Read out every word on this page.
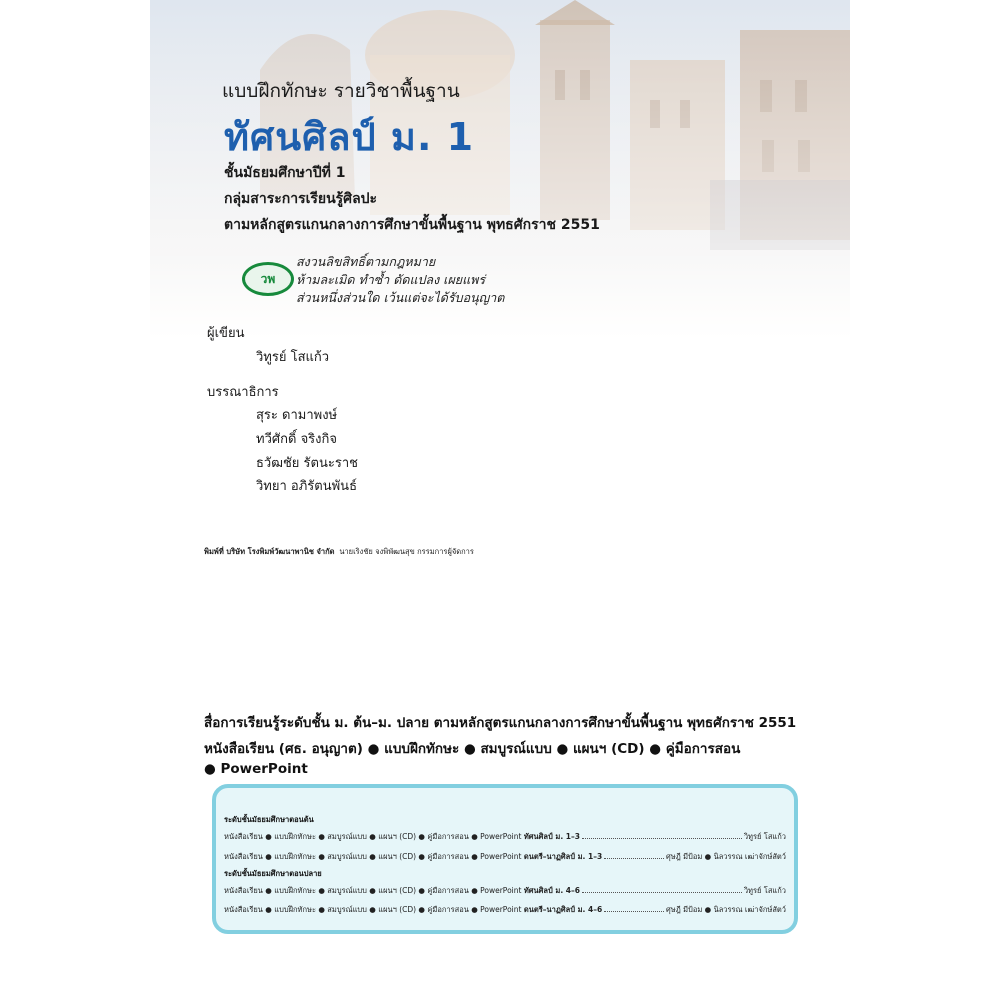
แบบฝึกทักษะ รายวิชาพื้นฐาน
ทัศนศิลป์ ม. 1
ชั้นมัธยมศึกษาปีที่ 1
กลุ่มสาระการเรียนรู้ศิลปะ
ตามหลักสูตรแกนกลางการศึกษาขั้นพื้นฐาน พุทธศักราช 2551
วพ
สงวนลิขสิทธิ์ตามกฎหมาย
ห้ามละเมิด ทำซ้ำ ดัดแปลง เผยแพร่
ส่วนหนึ่งส่วนใด เว้นแต่จะได้รับอนุญาต
ผู้เขียน
วิทูรย์ โสแก้ว
บรรณาธิการ
สุระ ดามาพงษ์
ทวีศักดิ์ จริงกิจ
ธวัฒชัย รัตนะราช
วิทยา อภิรัตนพันธ์
พิมพ์ที่ บริษัท โรงพิมพ์วัฒนาพานิช จำกัด นายเริงชัย จงพิพัฒนสุข กรรมการผู้จัดการ
สื่อการเรียนรู้ระดับชั้น ม. ต้น–ม. ปลาย ตามหลักสูตรแกนกลางการศึกษาขั้นพื้นฐาน พุทธศักราช 2551
หนังสือเรียน (ศธ. อนุญาต) ● แบบฝึกทักษะ ● สมบูรณ์แบบ ● แผนฯ (CD) ● คู่มือการสอน
● PowerPoint
ระดับชั้นมัธยมศึกษาตอนต้น
หนังสือเรียน ● แบบฝึกทักษะ ● สมบูรณ์แบบ ● แผนฯ (CD) ● คู่มือการสอน ● PowerPoint
ทัศนศิลป์ ม. 1–3	วิทูรย์ โสแก้ว
หนังสือเรียน ● แบบฝึกทักษะ ● สมบูรณ์แบบ ● แผนฯ (CD) ● คู่มือการสอน ● PowerPoint
ดนตรี–นาฏศิลป์ ม. 1–3	ศุษฎี มีป้อม ● นิลวรรณ เฒ่าจักษ์สัตว์
ระดับชั้นมัธยมศึกษาตอนปลาย
หนังสือเรียน ● แบบฝึกทักษะ ● สมบูรณ์แบบ ● แผนฯ (CD) ● คู่มือการสอน ● PowerPoint
ทัศนศิลป์ ม. 4–6	วิทูรย์ โสแก้ว
หนังสือเรียน ● แบบฝึกทักษะ ● สมบูรณ์แบบ ● แผนฯ (CD) ● คู่มือการสอน ● PowerPoint
ดนตรี–นาฏศิลป์ ม. 4–6	ศุษฎี มีป้อม ● นิลวรรณ เฒ่าจักษ์สัตว์
